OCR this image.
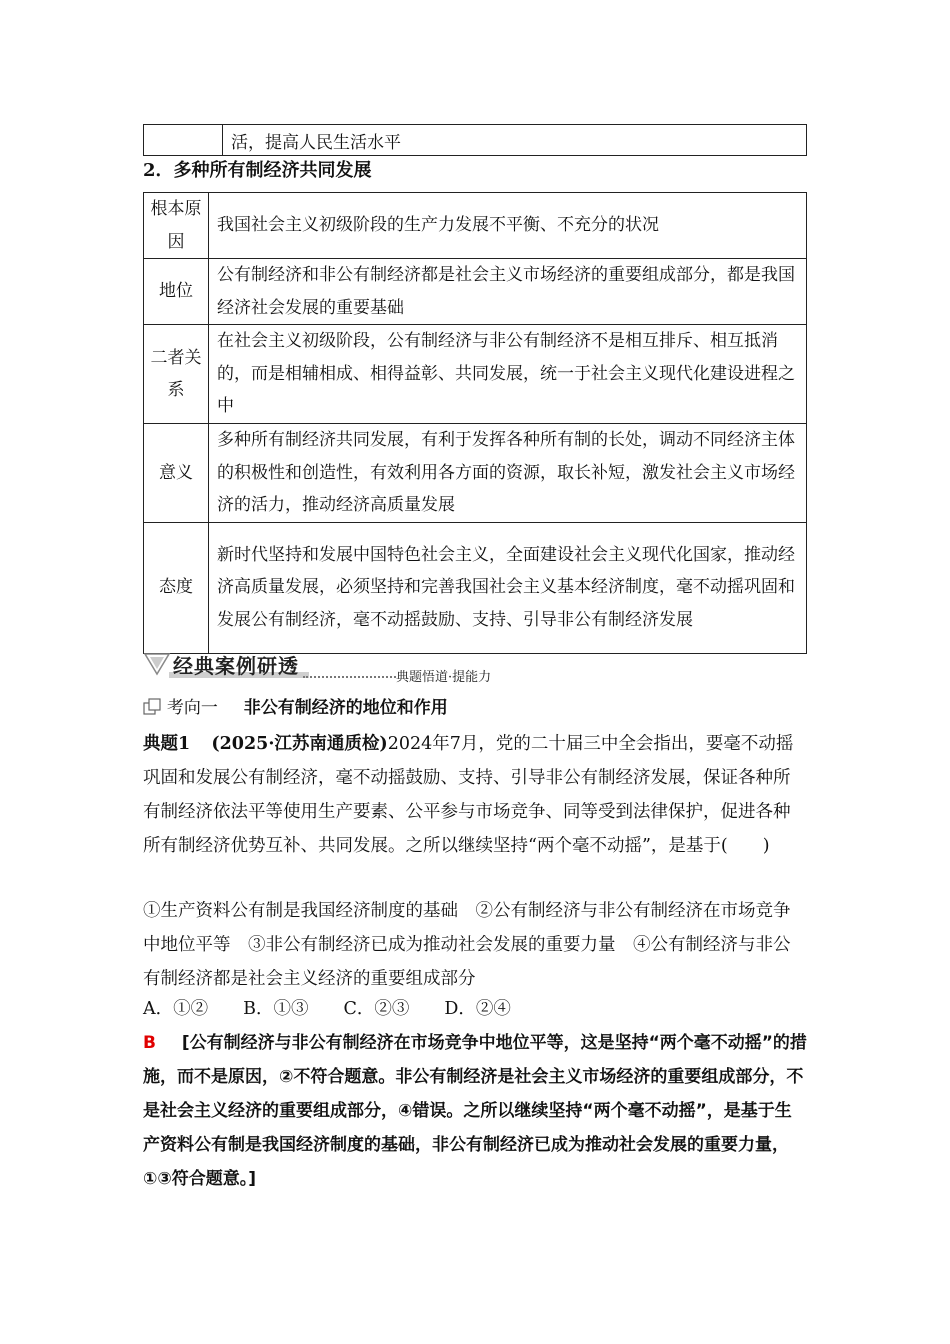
	活，提高人民生活水平
2．多种所有制经济共同发展
根本原因	我国社会主义初级阶段的生产力发展不平衡、不充分的状况
地位	公有制经济和非公有制经济都是社会主义市场经济的重要组成部分，都是我国经济社会发展的重要基础
二者关系	在社会主义初级阶段，公有制经济与非公有制经济不是相互排斥、相互抵消的，而是相辅相成、相得益彰、共同发展，统一于社会主义现代化建设进程之中
意义	多种所有制经济共同发展，有利于发挥各种所有制的长处，调动不同经济主体的积极性和创造性，有效利用各方面的资源，取长补短，激发社会主义市场经济的活力，推动经济高质量发展
态度	新时代坚持和发展中国特色社会主义，全面建设社会主义现代化国家，推动经济高质量发展，必须坚持和完善我国社会主义基本经济制度，毫不动摇巩固和发展公有制经济，毫不动摇鼓励、支持、引导非公有制经济发展
经典案例研透	典题悟道·提能力
考向一 非公有制经济的地位和作用
典题1 (2025·江苏南通质检)2024年7月，党的二十届三中全会指出，要毫不动摇巩固和发展公有制经济，毫不动摇鼓励、支持、引导非公有制经济发展，保证各种所有制经济依法平等使用生产要素、公平参与市场竞争、同等受到法律保护，促进各种所有制经济优势互补、共同发展。之所以继续坚持“两个毫不动摇”，是基于(　　)
①生产资料公有制是我国经济制度的基础　②公有制经济与非公有制经济在市场竞争中地位平等　③非公有制经济已成为推动社会发展的重要力量　④公有制经济与非公有制经济都是社会主义经济的重要组成部分
A．①②　　B．①③　　C．②③　　D．②④
B [公有制经济与非公有制经济在市场竞争中地位平等，这是坚持“两个毫不动摇”的措施，而不是原因，②不符合题意。非公有制经济是社会主义市场经济的重要组成部分，不是社会主义经济的重要组成部分，④错误。之所以继续坚持“两个毫不动摇”，是基于生产资料公有制是我国经济制度的基础，非公有制经济已成为推动社会发展的重要力量，①③符合题意。]
